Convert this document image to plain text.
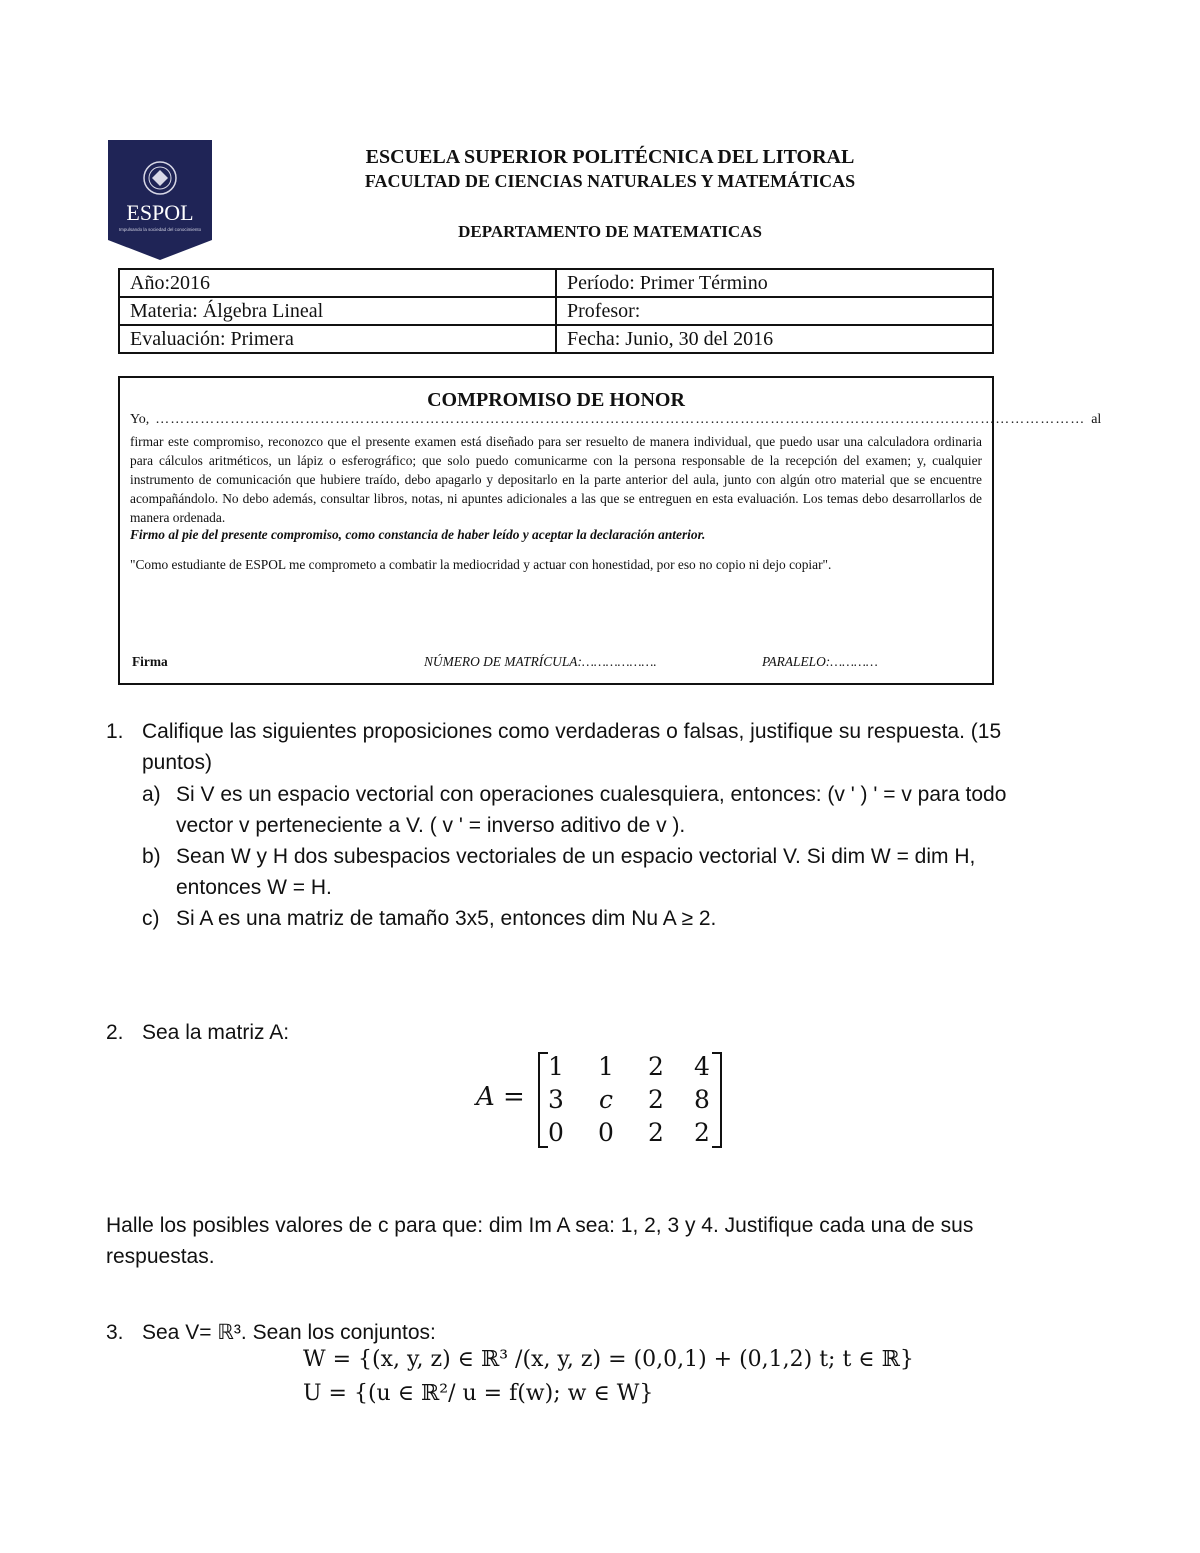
ESPOL
Impulsando la sociedad del conocimiento
ESCUELA SUPERIOR POLITÉCNICA DEL LITORAL
FACULTAD DE CIENCIAS NATURALES Y MATEMÁTICAS
DEPARTAMENTO DE MATEMATICAS
Año:2016	Período: Primer Término
Materia: Álgebra Lineal	Profesor:
Evaluación: Primera	Fecha: Junio, 30 del 2016
COMPROMISO DE HONOR
Yo, …………………………………………………………………………………………………………………………………………………………………… al
firmar este compromiso, reconozco que el presente examen está diseñado para ser resuelto de manera individual, que puedo usar una calculadora ordinaria para cálculos aritméticos, un lápiz o esferográfico; que solo puedo comunicarme con la persona responsable de la recepción del examen; y, cualquier instrumento de comunicación que hubiere traído, debo apagarlo y depositarlo en la parte anterior del aula, junto con algún otro material que se encuentre acompañándolo. No debo además, consultar libros, notas, ni apuntes adicionales a las que se entreguen en esta evaluación. Los temas debo desarrollarlos de manera ordenada.
Firmo al pie del presente compromiso, como constancia de haber leído y aceptar la declaración anterior.
"Como estudiante de ESPOL me comprometo a combatir la mediocridad y actuar con honestidad, por eso no copio ni dejo copiar".
Firma	NÚMERO DE MATRÍCULA:……………….	PARALELO:…………
1. Califique las siguientes proposiciones como verdaderas o falsas, justifique su respuesta. (15
puntos)
a) Si V es un espacio vectorial con operaciones cualesquiera, entonces: (v ' ) ' = v para todo
vector v perteneciente a V. ( v ' = inverso aditivo de v ).
b) Sean W y H dos subespacios vectoriales de un espacio vectorial V. Si dim W = dim H,
entonces W = H.
c) Si A es una matriz de tamaño 3x5, entonces dim Nu A ≥ 2.
2. Sea la matriz A:
A =
1	1	2	4
3	c	2	8
0	0	2	2
Halle los posibles valores de c para que: dim Im A sea: 1, 2, 3 y 4. Justifique cada una de sus
respuestas.
3. Sea V= ℝ³. Sean los conjuntos:
W = {(x, y, z) ∈ ℝ³ /(x, y, z) = (0,0,1) + (0,1,2) t; t ∈ ℝ}
U = {(u ∈ ℝ²/ u = f(w); w ∈ W}
